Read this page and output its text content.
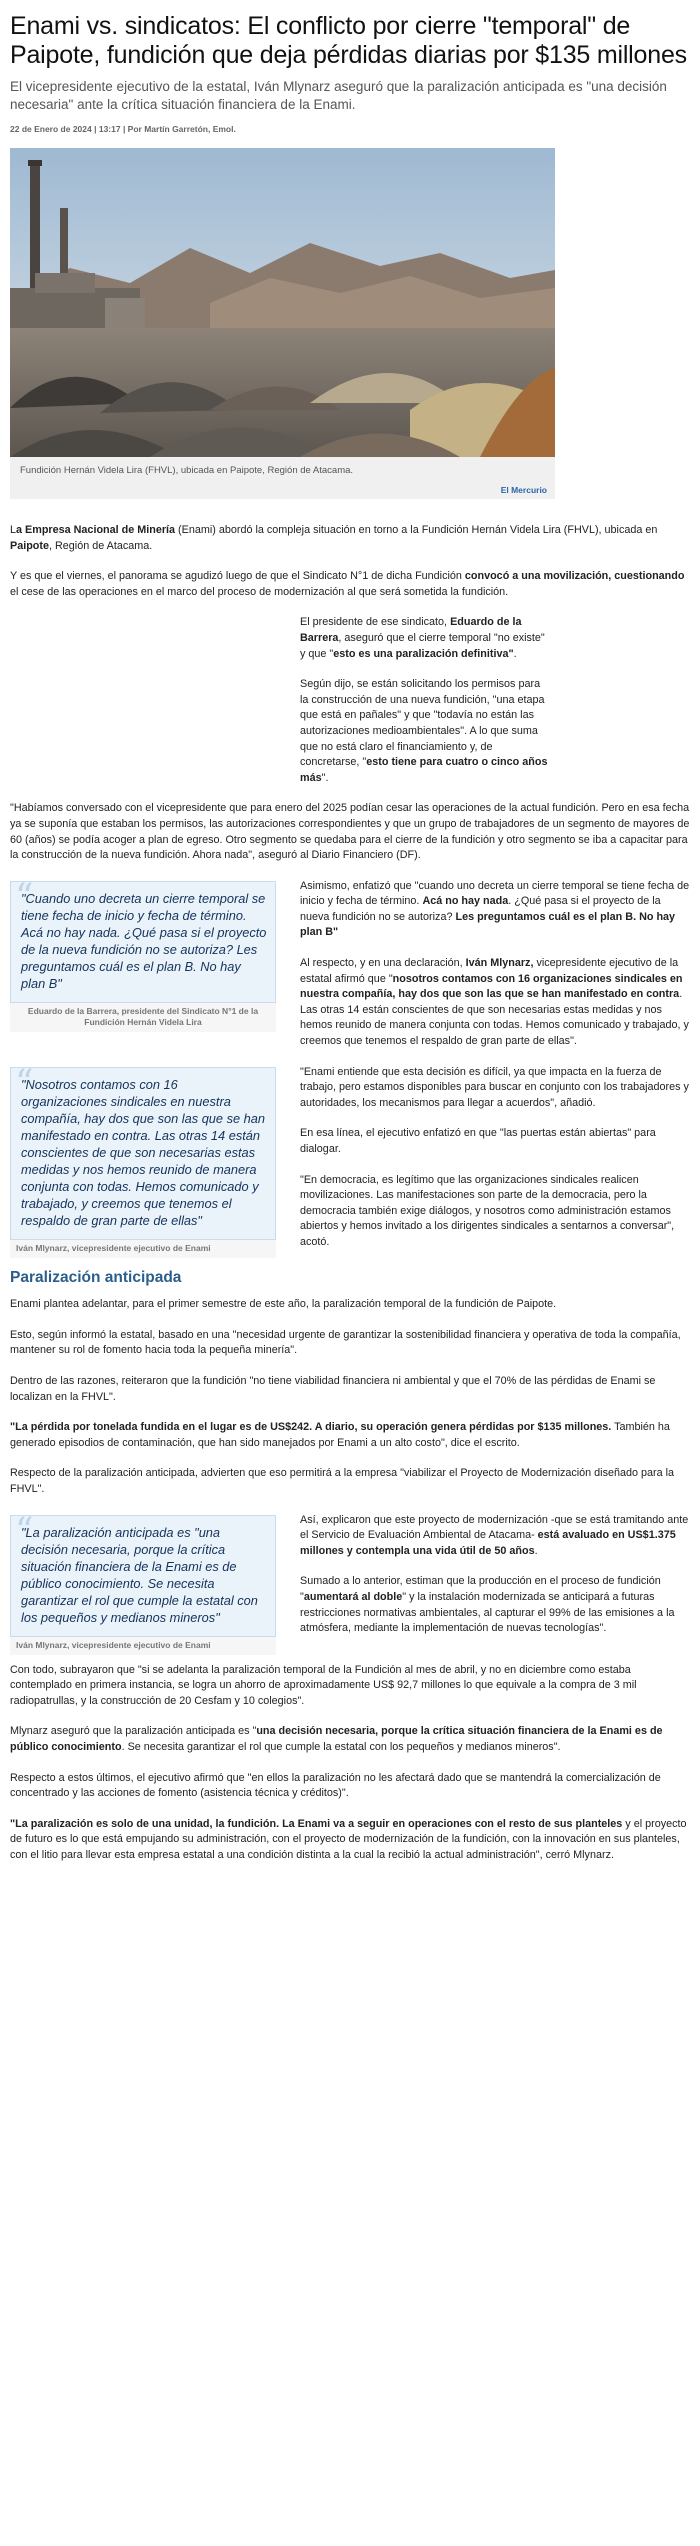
Enami vs. sindicatos: El conflicto por cierre "temporal" de Paipote, fundición que deja pérdidas diarias por $135 millones

El vicepresidente ejecutivo de la estatal, Iván Mlynarz aseguró que la paralización anticipada es "una decisión necesaria" ante la crítica situación financiera de la Enami.

22 de Enero de 2024 | 13:17 | Por Martín Garretón, Emol.

Fundición Hernán Videla Lira (FHVL), ubicada en Paipote, Región de Atacama.
El Mercurio

La Empresa Nacional de Minería (Enami) abordó la compleja situación en torno a la Fundición Hernán Videla Lira (FHVL), ubicada en Paipote, Región de Atacama.

Y es que el viernes, el panorama se agudizó luego de que el Sindicato N°1 de dicha Fundición convocó a una movilización, cuestionando el cese de las operaciones en el marco del proceso de modernización al que será sometida la fundición.

El presidente de ese sindicato, Eduardo de la Barrera, aseguró que el cierre temporal "no existe" y que "esto es una paralización definitiva".

Según dijo, se están solicitando los permisos para la construcción de una nueva fundición, "una etapa que está en pañales" y que "todavía no están las autorizaciones medioambientales". A lo que suma que no está claro el financiamiento y, de concretarse, "esto tiene para cuatro o cinco años más".

"Habíamos conversado con el vicepresidente que para enero del 2025 podían cesar las operaciones de la actual fundición. Pero en esa fecha ya se suponía que estaban los permisos, las autorizaciones correspondientes y que un grupo de trabajadores de un segmento de mayores de 60 (años) se podía acoger a plan de egreso. Otro segmento se quedaba para el cierre de la fundición y otro segmento se iba a capacitar para la construcción de la nueva fundición. Ahora nada", aseguró al Diario Financiero (DF).

“
"Cuando uno decreta un cierre temporal se tiene fecha de inicio y fecha de término. Acá no hay nada. ¿Qué pasa si el proyecto de la nueva fundición no se autoriza? Les preguntamos cuál es el plan B. No hay plan B"
Eduardo de la Barrera, presidente del Sindicato N°1 de la Fundición Hernán Videla Lira

Asimismo, enfatizó que "cuando uno decreta un cierre temporal se tiene fecha de inicio y fecha de término. Acá no hay nada. ¿Qué pasa si el proyecto de la nueva fundición no se autoriza? Les preguntamos cuál es el plan B. No hay plan B"

Al respecto, y en una declaración, Iván Mlynarz, vicepresidente ejecutivo de la estatal afirmó que "nosotros contamos con 16 organizaciones sindicales en nuestra compañía, hay dos que son las que se han manifestado en contra. Las otras 14 están conscientes de que son necesarias estas medidas y nos hemos reunido de manera conjunta con todas. Hemos comunicado y trabajado, y creemos que tenemos el respaldo de gran parte de ellas".

“
"Nosotros contamos con 16 organizaciones sindicales en nuestra compañía, hay dos que son las que se han manifestado en contra. Las otras 14 están conscientes de que son necesarias estas medidas y nos hemos reunido de manera conjunta con todas. Hemos comunicado y trabajado, y creemos que tenemos el respaldo de gran parte de ellas"
Iván Mlynarz, vicepresidente ejecutivo de Enami

"Enami entiende que esta decisión es difícil, ya que impacta en la fuerza de trabajo, pero estamos disponibles para buscar en conjunto con los trabajadores y autoridades, los mecanismos para llegar a acuerdos", añadió.

En esa línea, el ejecutivo enfatizó en que "las puertas están abiertas" para dialogar.

"En democracia, es legítimo que las organizaciones sindicales realicen movilizaciones. Las manifestaciones son parte de la democracia, pero la democracia también exige diálogos, y nosotros como administración estamos abiertos y hemos invitado a los dirigentes sindicales a sentarnos a conversar", acotó.

Paralización anticipada

Enami plantea adelantar, para el primer semestre de este año, la paralización temporal de la fundición de Paipote.

Esto, según informó la estatal, basado en una "necesidad urgente de garantizar la sostenibilidad financiera y operativa de toda la compañía, mantener su rol de fomento hacia toda la pequeña minería".

Dentro de las razones, reiteraron que la fundición "no tiene viabilidad financiera ni ambiental y que el 70% de las pérdidas de Enami se localizan en la FHVL".

"La pérdida por tonelada fundida en el lugar es de US$242. A diario, su operación genera pérdidas por $135 millones. También ha generado episodios de contaminación, que han sido manejados por Enami a un alto costo", dice el escrito.

Respecto de la paralización anticipada, advierten que eso permitirá a la empresa "viabilizar el Proyecto de Modernización diseñado para la FHVL".

“
"La paralización anticipada es "una decisión necesaria, porque la crítica situación financiera de la Enami es de público conocimiento. Se necesita garantizar el rol que cumple la estatal con los pequeños y medianos mineros"
Iván Mlynarz, vicepresidente ejecutivo de Enami

Así, explicaron que este proyecto de modernización -que se está tramitando ante el Servicio de Evaluación Ambiental de Atacama- está avaluado en US$1.375 millones y contempla una vida útil de 50 años.

Sumado a lo anterior, estiman que la producción en el proceso de fundición "aumentará al doble" y la instalación modernizada se anticipará a futuras restricciones normativas ambientales, al capturar el 99% de las emisiones a la atmósfera, mediante la implementación de nuevas tecnologías".

Con todo, subrayaron que "si se adelanta la paralización temporal de la Fundición al mes de abril, y no en diciembre como estaba contemplado en primera instancia, se logra un ahorro de aproximadamente US$ 92,7 millones lo que equivale a la compra de 3 mil radiopatrullas, y la construcción de 20 Cesfam y 10 colegios".

Mlynarz aseguró que la paralización anticipada es "una decisión necesaria, porque la crítica situación financiera de la Enami es de público conocimiento. Se necesita garantizar el rol que cumple la estatal con los pequeños y medianos mineros".

Respecto a estos últimos, el ejecutivo afirmó que "en ellos la paralización no les afectará dado que se mantendrá la comercialización de concentrado y las acciones de fomento (asistencia técnica y créditos)".

"La paralización es solo de una unidad, la fundición. La Enami va a seguir en operaciones con el resto de sus planteles y el proyecto de futuro es lo que está empujando su administración, con el proyecto de modernización de la fundición, con la innovación en sus planteles, con el litio para llevar esta empresa estatal a una condición distinta a la cual la recibió la actual administración", cerró Mlynarz.
